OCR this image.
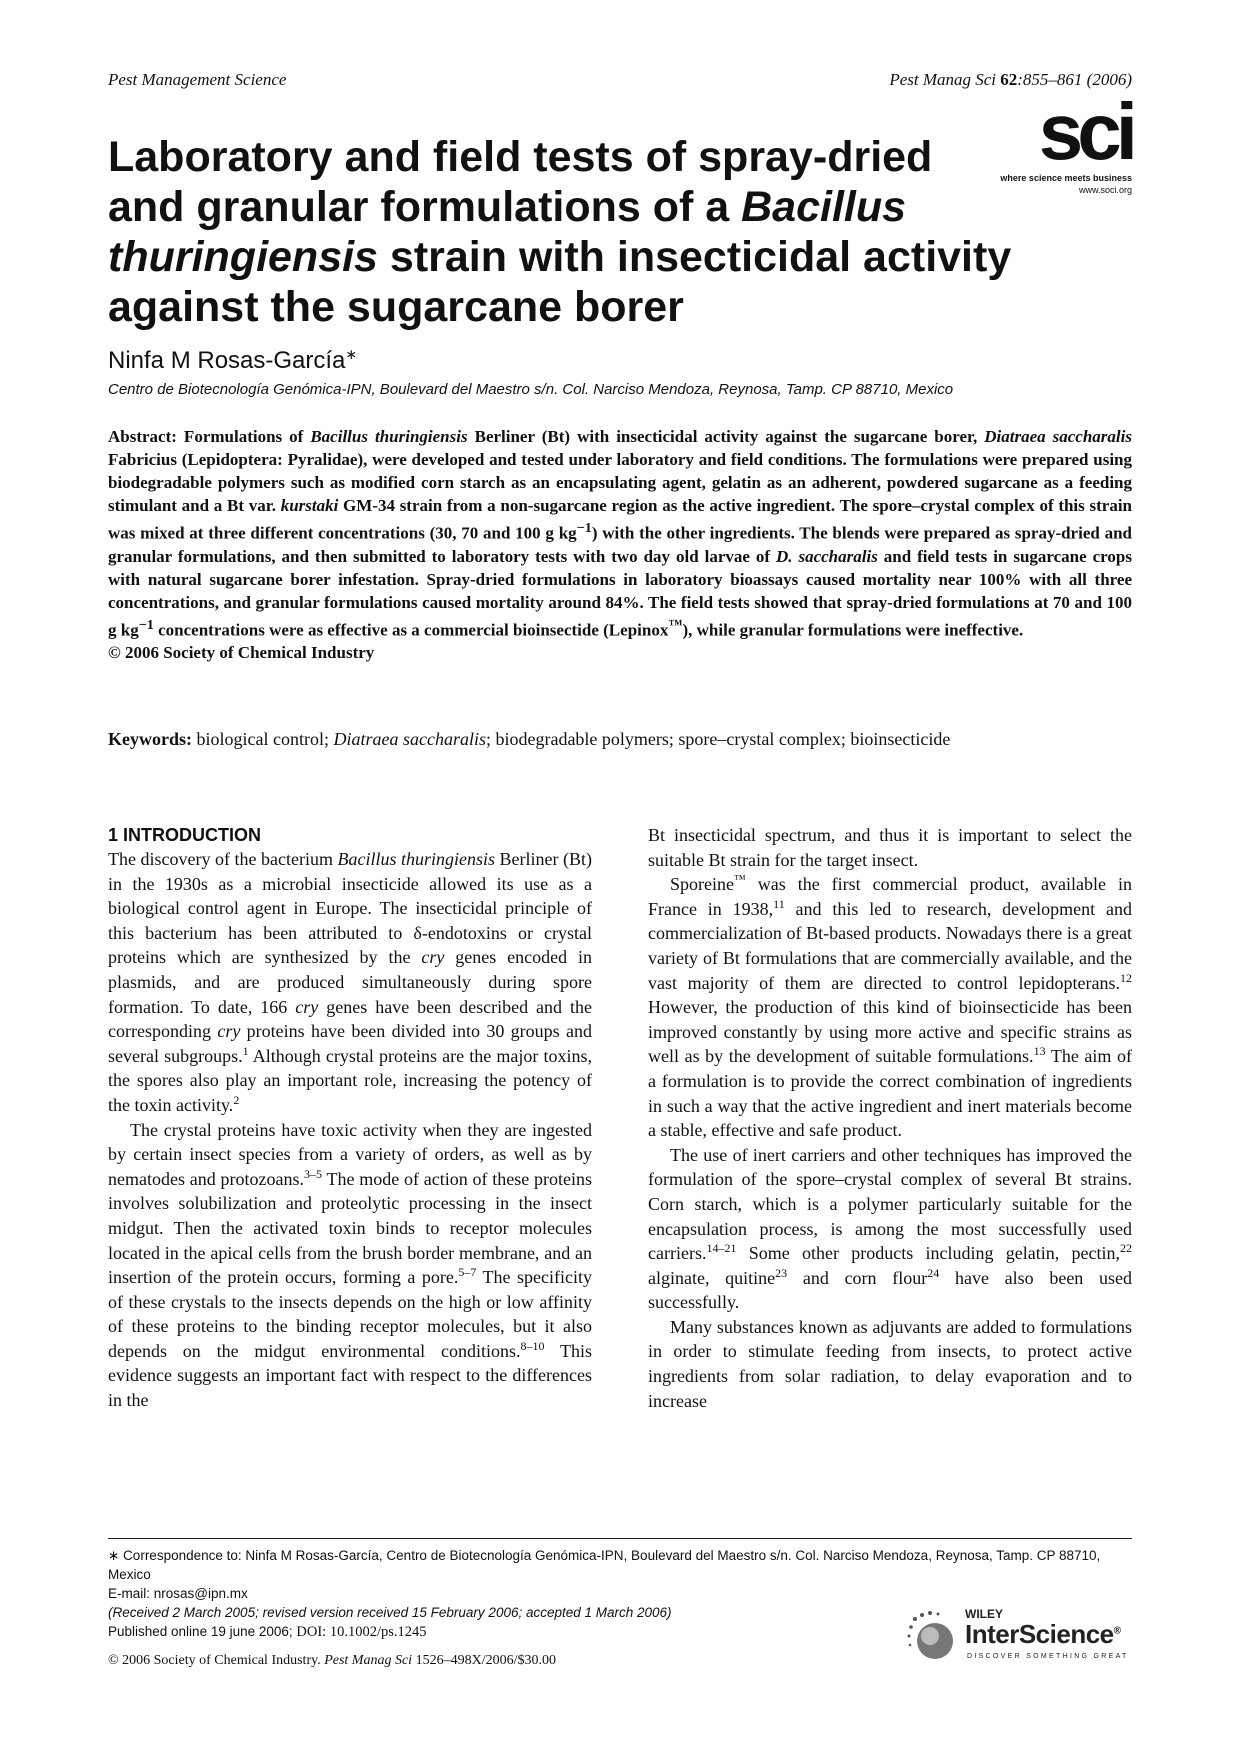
Pest Management Science	Pest Manag Sci 62:855–861 (2006)
sci
where science meets business
www.soci.org
Laboratory and field tests of spray-dried
and granular formulations of a Bacillus
thuringiensis strain with insecticidal activity
against the sugarcane borer
Ninfa M Rosas-García∗
Centro de Biotecnología Genómica-IPN, Boulevard del Maestro s/n. Col. Narciso Mendoza, Reynosa, Tamp. CP 88710, Mexico

Abstract: Formulations of Bacillus thuringiensis Berliner (Bt) with insecticidal activity against the sugarcane borer, Diatraea saccharalis Fabricius (Lepidoptera: Pyralidae), were developed and tested under laboratory and field conditions. The formulations were prepared using biodegradable polymers such as modified corn starch as an encapsulating agent, gelatin as an adherent, powdered sugarcane as a feeding stimulant and a Bt var. kurstaki GM-34 strain from a non-sugarcane region as the active ingredient. The spore–crystal complex of this strain was mixed at three different concentrations (30, 70 and 100 g $kg^{-1}$) with the other ingredients. The blends were prepared as spray-dried and granular formulations, and then submitted to laboratory tests with two day old larvae of D. saccharalis and field tests in sugarcane crops with natural sugarcane borer infestation. Spray-dried formulations in laboratory bioassays caused mortality near 100% with all three concentrations, and granular formulations caused mortality around 84%. The field tests showed that spray-dried formulations at 70 and 100 g $kg^{-1}$ concentrations were as effective as a commercial bioinsectide (Lepinox™), while granular formulations were ineffective.
© 2006 Society of Chemical Industry

Keywords: biological control; Diatraea saccharalis; biodegradable polymers; spore–crystal complex; bioinsecticide
1 INTRODUCTION

The discovery of the bacterium Bacillus thuringiensis Berliner (Bt) in the 1930s as a microbial insecticide allowed its use as a biological control agent in Europe. The insecticidal principle of this bacterium has been attributed to δ-endotoxins or crystal proteins which are synthesized by the cry genes encoded in plasmids, and are produced simultaneously during spore formation. To date, 166 cry genes have been described and the corresponding cry proteins have been divided into 30 groups and several subgroups.$^1$ Although crystal proteins are the major toxins, the spores also play an important role, increasing the potency of the toxin activity.$^2$

The crystal proteins have toxic activity when they are ingested by certain insect species from a variety of orders, as well as by nematodes and protozoans.$^{3-5}$ The mode of action of these proteins involves solubilization and proteolytic processing in the insect midgut. Then the activated toxin binds to receptor molecules located in the apical cells from the brush border membrane, and an insertion of the protein occurs, forming a pore.$^{5-7}$ The specificity of these crystals to the insects depends on the high or low affinity of these proteins to the binding receptor molecules, but it also depends on the midgut environmental conditions.$^{8-10}$ This evidence suggests an important fact with respect to the differences in the

Bt insecticidal spectrum, and thus it is important to select the suitable Bt strain for the target insect.

Sporeine™ was the first commercial product, available in France in 1938,11 and this led to research, development and commercialization of Bt-based products. Nowadays there is a great variety of Bt formulations that are commercially available, and the vast majority of them are directed to control lepidopterans.$^{12}$ However, the production of this kind of bioinsecticide has been improved constantly by using more active and specific strains as well as by the development of suitable formulations.$^{13}$ The aim of a formulation is to provide the correct combination of ingredients in such a way that the active ingredient and inert materials become a stable, effective and safe product.

The use of inert carriers and other techniques has improved the formulation of the spore–crystal complex of several Bt strains. Corn starch, which is a polymer particularly suitable for the encapsulation process, is among the most successfully used carriers.$^{14-21}$ Some other products including gelatin, pectin,$^{22}$ alginate, quitine$^{23}$ and corn flour$^{24}$ have also been used successfully.

Many substances known as adjuvants are added to formulations in order to stimulate feeding from insects, to protect active ingredients from solar radiation, to delay evaporation and to increase

∗ Correspondence to: Ninfa M Rosas-García, Centro de Biotecnología Genómica-IPN, Boulevard del Maestro s/n. Col. Narciso Mendoza, Reynosa, Tamp. CP 88710, Mexico
E-mail: nrosas@ipn.mx
(Received 2 March 2005; revised version received 15 February 2006; accepted 1 March 2006)
Published online 19 june 2006; DOI: 10.1002/ps.1245
© 2006 Society of Chemical Industry. Pest Manag Sci 1526–498X/2006/$30.00
WILEY
InterScience®
DISCOVER SOMETHING GREAT
